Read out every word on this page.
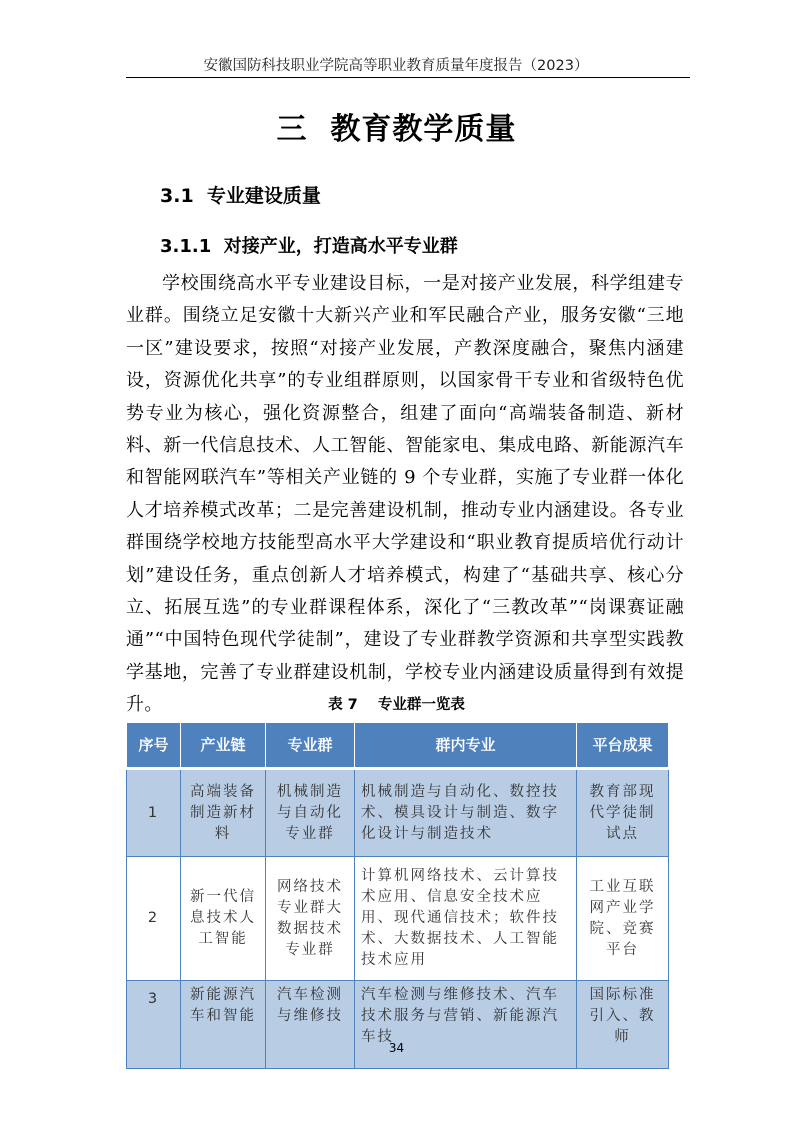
安徽国防科技职业学院高等职业教育质量年度报告（2023）
三  教育教学质量
3.1  专业建设质量
3.1.1  对接产业，打造高水平专业群

学校围绕高水平专业建设目标，一是对接产业发展，科学组建专业群。围绕立足安徽十大新兴产业和军民融合产业，服务安徽“三地一区”建设要求，按照“对接产业发展，产教深度融合，聚焦内涵建设，资源优化共享”的专业组群原则，以国家骨干专业和省级特色优势专业为核心，强化资源整合，组建了面向“高端装备制造、新材料、新一代信息技术、人工智能、智能家电、集成电路、新能源汽车和智能网联汽车”等相关产业链的 9 个专业群，实施了专业群一体化人才培养模式改革；二是完善建设机制，推动专业内涵建设。各专业群围绕学校地方技能型高水平大学建设和“职业教育提质培优行动计划”建设任务，重点创新人才培养模式，构建了“基础共享、核心分立、拓展互选”的专业群课程体系，深化了“三教改革”“岗课赛证融通”“中国特色现代学徒制”，建设了专业群教学资源和共享型实践教学基地，完善了专业群建设机制，学校专业内涵建设质量得到有效提升。	表 7    专业群一览表
序号	产业链	专业群	群内专业	平台成果
1	高端装备制造新材料	机械制造与自动化专业群	机械制造与自动化、数控技术、模具设计与制造、数字化设计与制造技术	教育部现代学徒制试点
2	新一代信息技术人工智能	网络技术专业群大数据技术专业群	计算机网络技术、云计算技术应用、信息安全技术应用、现代通信技术；软件技术、大数据技术、人工智能技术应用	工业互联网产业学院、竞赛平台
3	新能源汽车和智能	汽车检测与维修技	汽车检测与维修技术、汽车技术服务与营销、新能源汽车技	国际标准引入、教师
34
